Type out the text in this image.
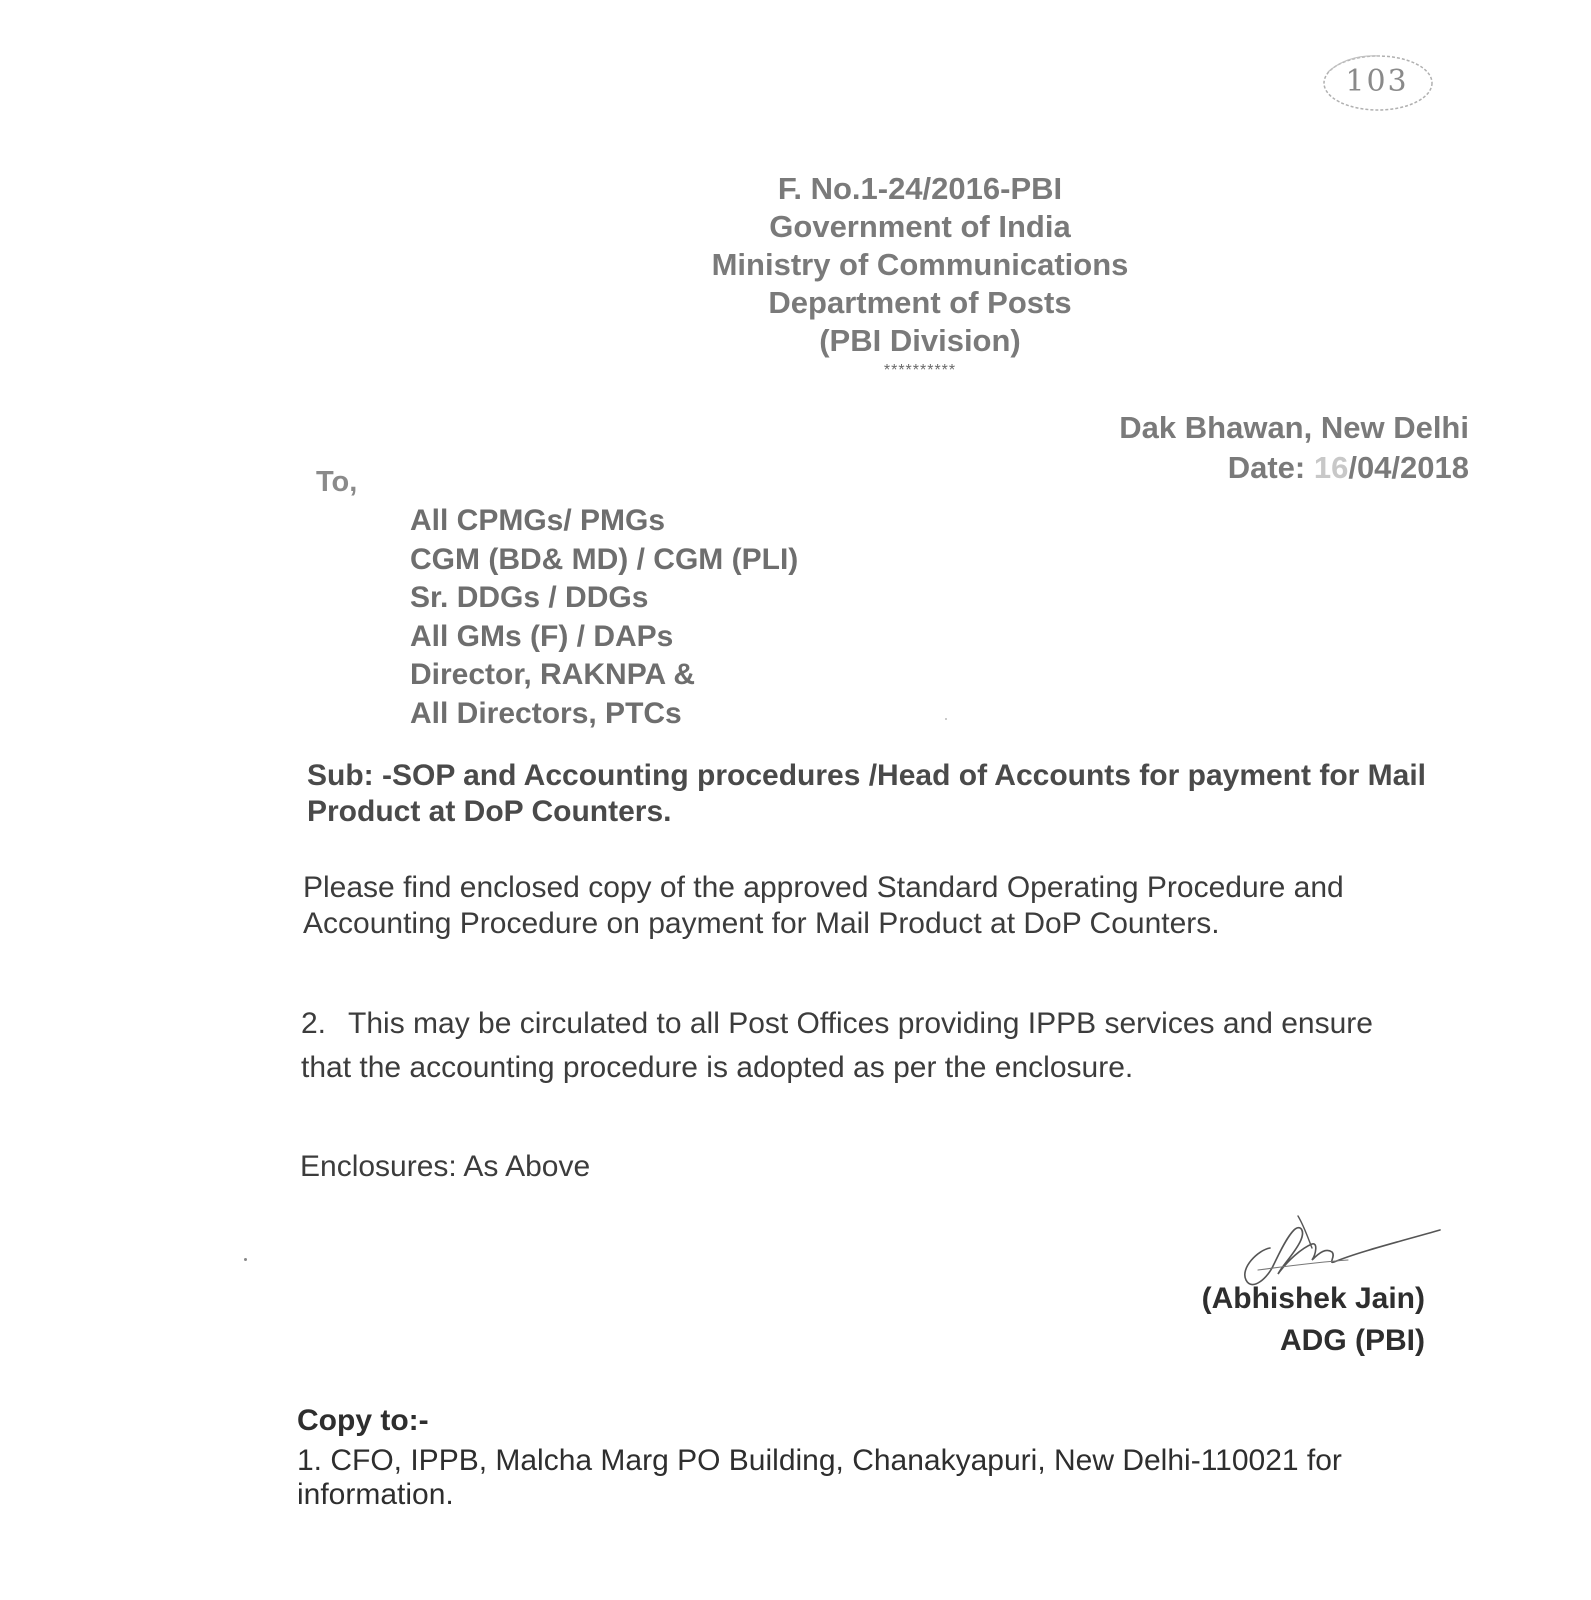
103
F. No.1-24/2016-PBI
Government of India
Ministry of Communications
Department of Posts
(PBI Division)
**********
Dak Bhawan, New Delhi
Date: 16/04/2018
To,
All CPMGs/ PMGs
CGM (BD& MD) / CGM (PLI)
Sr. DDGs / DDGs
All GMs (F) / DAPs
Director, RAKNPA &
All Directors, PTCs
Sub: -SOP and Accounting procedures /Head of Accounts for payment for Mail Product at DoP Counters.
Please find enclosed copy of the approved Standard Operating Procedure and Accounting Procedure on payment for Mail Product at DoP Counters.
2. This may be circulated to all Post Offices providing IPPB services and ensure that the accounting procedure is adopted as per the enclosure.
Enclosures: As Above
(Abhishek Jain)
ADG (PBI)
Copy to:-
1. CFO, IPPB, Malcha Marg PO Building, Chanakyapuri, New Delhi-110021 for information.
